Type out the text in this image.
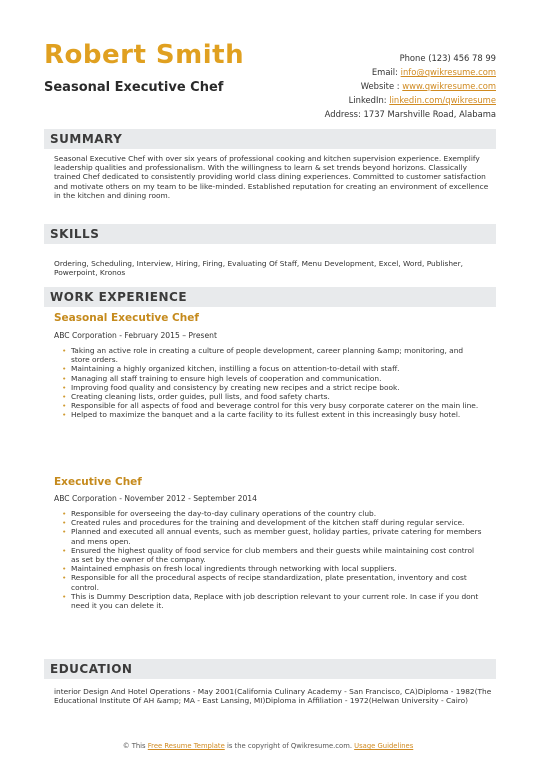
Robert Smith
Seasonal Executive Chef
Phone (123) 456 78 99
Email: info@qwikresume.com
Website : www.qwikresume.com
LinkedIn: linkedin.com/qwikresume
Address: 1737 Marshville Road, Alabama
SUMMARY
Seasonal Executive Chef with over six years of professional cooking and kitchen supervision experience. Exemplify leadership qualities and professionalism. With the willingness to learn & set trends beyond horizons. Classically trained Chef dedicated to consistently providing world class dining experiences. Committed to customer satisfaction and motivate others on my team to be like-minded. Established reputation for creating an environment of excellence in the kitchen and dining room.
SKILLS
Ordering, Scheduling, Interview, Hiring, Firing, Evaluating Of Staff, Menu Development, Excel, Word, Publisher, Powerpoint, Kronos
WORK EXPERIENCE
Seasonal Executive Chef
ABC Corporation - February 2015 – Present
• Taking an active role in creating a culture of people development, career planning &amp; monitoring, and store orders.
• Maintaining a highly organized kitchen, instilling a focus on attention-to-detail with staff.
• Managing all staff training to ensure high levels of cooperation and communication.
• Improving food quality and consistency by creating new recipes and a strict recipe book.
• Creating cleaning lists, order guides, pull lists, and food safety charts.
• Responsible for all aspects of food and beverage control for this very busy corporate caterer on the main line.
• Helped to maximize the banquet and a la carte facility to its fullest extent in this increasingly busy hotel.
Executive Chef
ABC Corporation - November 2012 - September 2014
• Responsible for overseeing the day-to-day culinary operations of the country club.
• Created rules and procedures for the training and development of the kitchen staff during regular service.
• Planned and executed all annual events, such as member guest, holiday parties, private catering for members and mens open.
• Ensured the highest quality of food service for club members and their guests while maintaining cost control as set by the owner of the company.
• Maintained emphasis on fresh local ingredients through networking with local suppliers.
• Responsible for all the procedural aspects of recipe standardization, plate presentation, inventory and cost control.
• This is Dummy Description data, Replace with job description relevant to your current role. In case if you dont need it you can delete it.
EDUCATION
interior Design And Hotel Operations - May 2001(California Culinary Academy - San Francisco, CA)Diploma - 1982(The Educational Institute Of AH &amp; MA - East Lansing, MI)Diploma in Affiliation - 1972(Helwan University - Cairo)
© This Free Resume Template is the copyright of Qwikresume.com. Usage Guidelines
